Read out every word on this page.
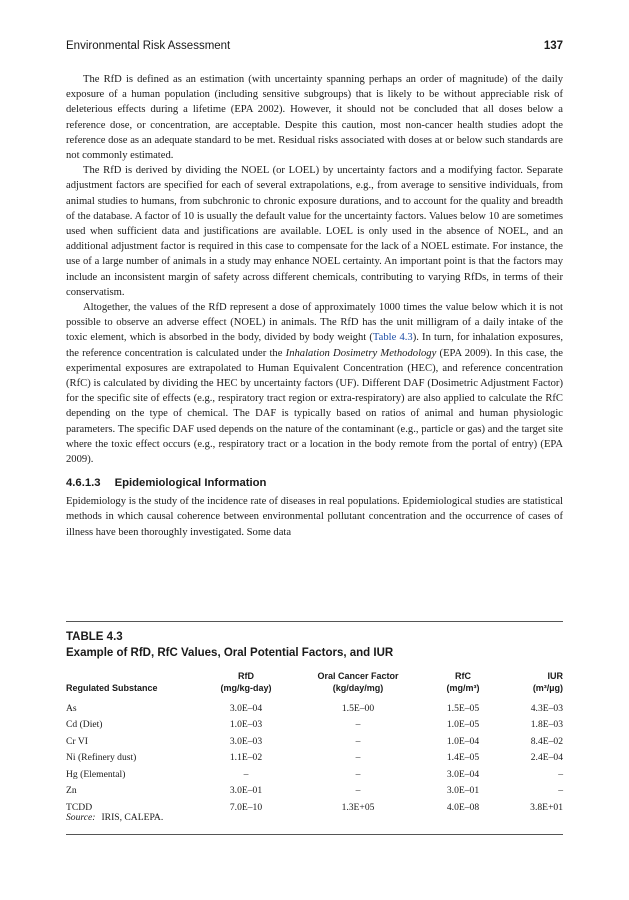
Environmental Risk Assessment	137

The RfD is defined as an estimation (with uncertainty spanning perhaps an order of magnitude) of the daily exposure of a human population (including sensitive subgroups) that is likely to be without appreciable risk of deleterious effects during a lifetime (EPA 2002). However, it should not be concluded that all doses below a reference dose, or concentration, are acceptable. Despite this caution, most non-cancer health studies adopt the reference dose as an adequate standard to be met. Residual risks associated with doses at or below such standards are not commonly estimated.

The RfD is derived by dividing the NOEL (or LOEL) by uncertainty factors and a modifying factor. Separate adjustment factors are specified for each of several extrapolations, e.g., from average to sensitive individuals, from animal studies to humans, from subchronic to chronic exposure durations, and to account for the quality and breadth of the database. A factor of 10 is usually the default value for the uncertainty factors. Values below 10 are sometimes used when sufficient data and justifications are available. LOEL is only used in the absence of NOEL, and an additional adjustment factor is required in this case to compensate for the lack of a NOEL estimate. For instance, the use of a large number of animals in a study may enhance NOEL certainty. An important point is that the factors may include an inconsistent margin of safety across different chemicals, contributing to varying RfDs, in terms of their conservatism.

Altogether, the values of the RfD represent a dose of approximately 1000 times the value below which it is not possible to observe an adverse effect (NOEL) in animals. The RfD has the unit milligram of a daily intake of the toxic element, which is absorbed in the body, divided by body weight (Table 4.3). In turn, for inhalation exposures, the reference concentration is calculated under the Inhalation Dosimetry Methodology (EPA 2009). In this case, the experimental exposures are extrapolated to Human Equivalent Concentration (HEC), and reference concentration (RfC) is calculated by dividing the HEC by uncertainty factors (UF). Different DAF (Dosimetric Adjustment Factor) for the specific site of effects (e.g., respiratory tract region or extra-respiratory) are also applied to calculate the RfC depending on the type of chemical. The DAF is typically based on ratios of animal and human physiologic parameters. The specific DAF used depends on the nature of the contaminant (e.g., particle or gas) and the target site where the toxic effect occurs (e.g., respiratory tract or a location in the body remote from the portal of entry) (EPA 2009).

4.6.1.3 Epidemiological Information

Epidemiology is the study of the incidence rate of diseases in real populations. Epidemiological studies are statistical methods in which causal coherence between environmental pollutant concentration and the occurrence of cases of illness have been thoroughly investigated. Some data

TABLE 4.3
Example of RfD, RfC Values, Oral Potential Factors, and IUR
	RfD	Oral Cancer Factor	RfC	IUR
Regulated Substance	(mg/kg-day)	(kg/day/mg)	(mg/m³)	(m³/µg)
As	3.0E–04	1.5E–00	1.5E–05	4.3E–03
Cd (Diet)	1.0E–03	–	1.0E–05	1.8E–03
Cr VI	3.0E–03	–	1.0E–04	8.4E–02
Ni (Refinery dust)	1.1E–02	–	1.4E–05	2.4E–04
Hg (Elemental)	–	–	3.0E–04	–
Zn	3.0E–01	–	3.0E–01	–
TCDD	7.0E–10	1.3E+05	4.0E–08	3.8E+01
Source: IRIS, CALEPA.
